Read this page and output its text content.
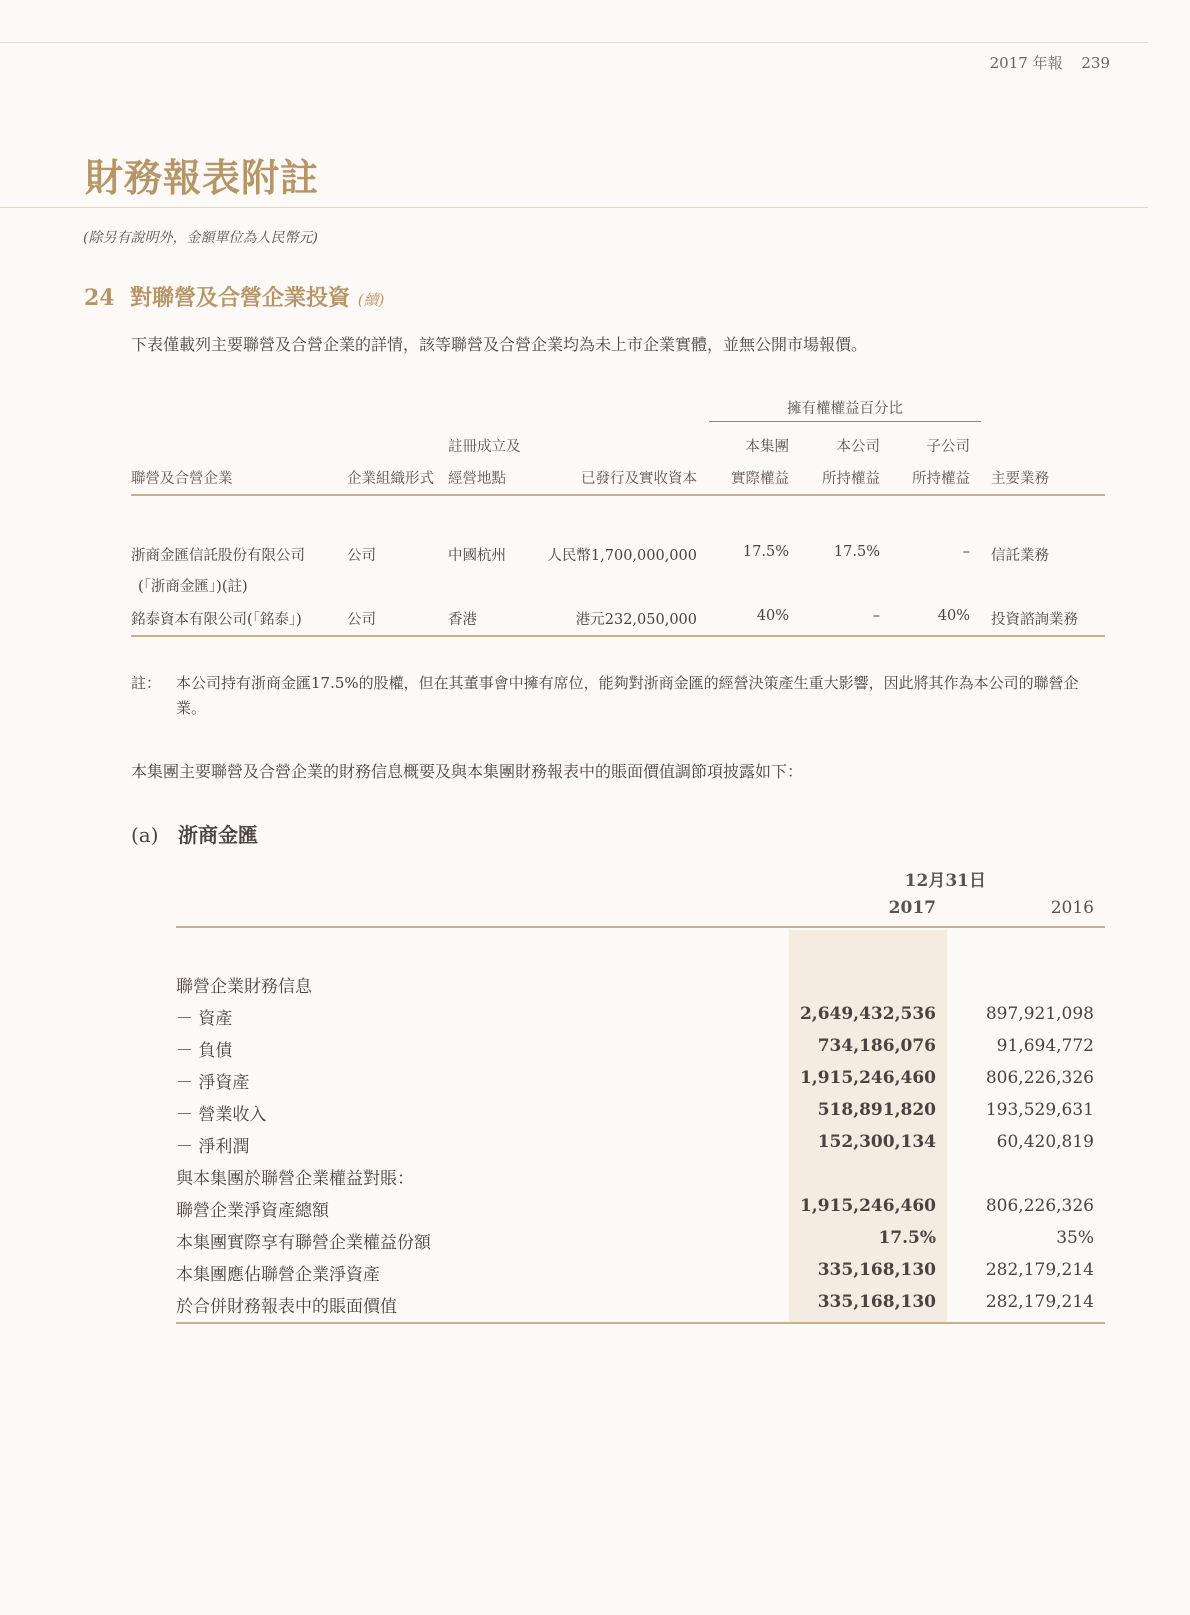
2017 年報 239
財務報表附註
(除另有說明外，金額單位為人民幣元)
24 對聯營及合營企業投資 (續)
下表僅載列主要聯營及合營企業的詳情，該等聯營及合營企業均為未上市企業實體，並無公開市場報價。
擁有權權益百分比
註冊成立及	本集團	本公司	子公司
聯營及合營企業	企業組織形式 經營地點	已發行及實收資本	實際權益	所持權益	所持權益 主要業務
浙商金匯信託股份有限公司
(「浙商金匯」)(註)
公司	中國杭州	人民幣1,700,000,000	17.5%	17.5%	– 信託業務
銘泰資本有限公司(「銘泰」)	公司	香港	港元232,050,000	40%	–	40% 投資諮詢業務
註： 本公司持有浙商金匯17.5%的股權，但在其董事會中擁有席位，能夠對浙商金匯的經營決策產生重大影響，因此將其作為本公司的聯營企業。
本集團主要聯營及合營企業的財務信息概要及與本集團財務報表中的賬面價值調節項披露如下：
(a) 浙商金匯
12月31日
2017	2016
聯營企業財務信息
－ 資產	2,649,432,536	897,921,098
－ 負債	734,186,076	91,694,772
－ 淨資產	1,915,246,460	806,226,326
－ 營業收入	518,891,820	193,529,631
－ 淨利潤	152,300,134	60,420,819
與本集團於聯營企業權益對賬：
聯營企業淨資產總額	1,915,246,460	806,226,326
本集團實際享有聯營企業權益份額	17.5%	35%
本集團應佔聯營企業淨資產	335,168,130	282,179,214
於合併財務報表中的賬面價值	335,168,130	282,179,214
